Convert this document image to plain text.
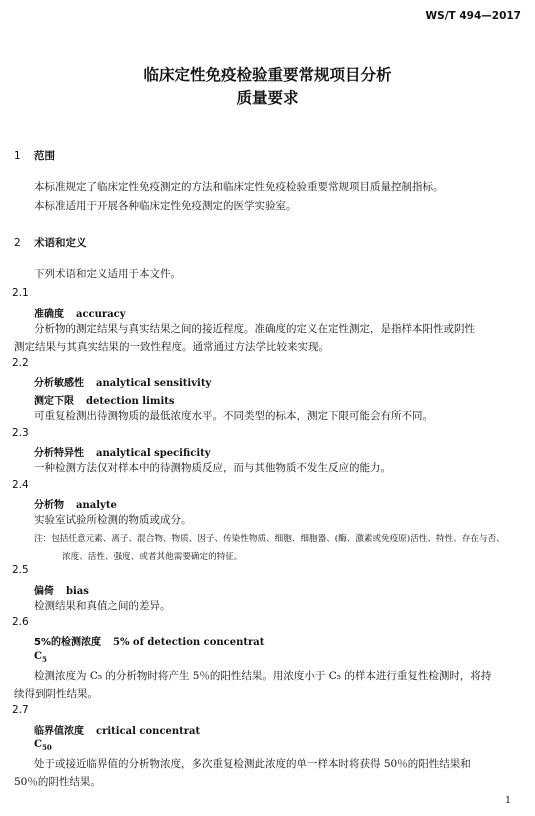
WS/T 494—2017
临床定性免疫检验重要常规项目分析
质量要求
1 范围
本标准规定了临床定性免疫测定的方法和临床定性免疫检验重要常规项目质量控制指标。
本标准适用于开展各种临床定性免疫测定的医学实验室。
2 术语和定义
下列术语和定义适用于本文件。
2.1
准确度 accuracy
分析物的测定结果与真实结果之间的接近程度。准确度的定义在定性测定，是指样本阳性或阴性
测定结果与其真实结果的一致性程度。通常通过方法学比较来实现。
2.2
分析敏感性 analytical sensitivity
测定下限 detection limits
可重复检测出待测物质的最低浓度水平。不同类型的标本，测定下限可能会有所不同。
2.3
分析特异性 analytical specificity
一种检测方法仅对样本中的待测物质反应，而与其他物质不发生反应的能力。
2.4
分析物 analyte
实验室试验所检测的物质或成分。
注：包括任意元素、离子、混合物、物质、因子、传染性物质、细胞、细胞器、(酶、激素或免疫原)活性、特性、存在与否、
浓度、活性、强度、或者其他需要确定的特征。
2.5
偏倚 bias
检测结果和真值之间的差异。
2.6
5%的检测浓度 5% of detection concentrat
$C_5$
检测浓度为 C₅ 的分析物时将产生 5％的阳性结果。用浓度小于 C₅ 的样本进行重复性检测时，将持
续得到阴性结果。
2.7
临界值浓度 critical concentrat
$C_{50}$
处于或接近临界值的分析物浓度，多次重复检测此浓度的单一样本时将获得 50％的阳性结果和
50％的阴性结果。
1
